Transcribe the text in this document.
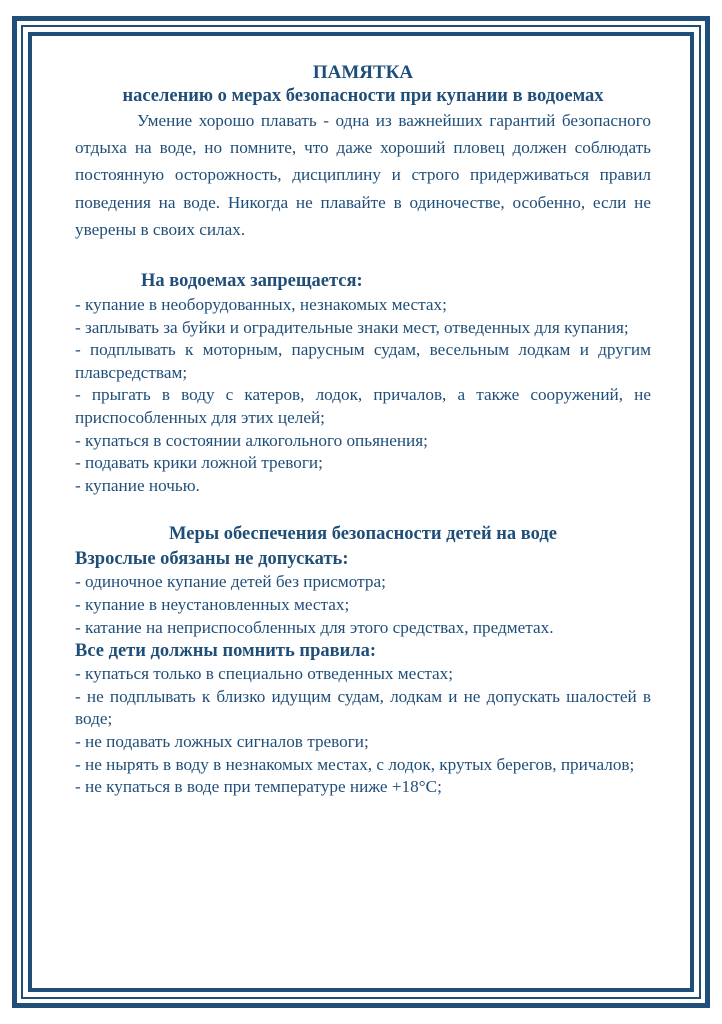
ПАМЯТКА
населению о мерах безопасности при купании в водоемах

Умение хорошо плавать - одна из важнейших гарантий безопасного отдыха на воде, но помните, что даже хороший пловец должен соблюдать постоянную осторожность, дисциплину и строго придерживаться правил поведения на воде. Никогда не плавайте в одиночестве, особенно, если не уверены в своих силах.

На водоемах запрещается:
- купание в необорудованных, незнакомых местах;
- заплывать за буйки и оградительные знаки мест, отведенных для купания;
- подплывать к моторным, парусным судам, весельным лодкам и другим плавсредствам;
- прыгать в воду с катеров, лодок, причалов, а также сооружений, не приспособленных для этих целей;
- купаться в состоянии алкогольного опьянения;
- подавать крики ложной тревоги;
- купание ночью.
Меры обеспечения безопасности детей на воде
Взрослые обязаны не допускать:
- одиночное купание детей без присмотра;
- купание в неустановленных местах;
- катание на неприспособленных для этого средствах, предметах.
Все дети должны помнить правила:
- купаться только в специально отведенных местах;
- не подплывать к близко идущим судам, лодкам и не допускать шалостей в воде;
- не подавать ложных сигналов тревоги;
- не нырять в воду в незнакомых местах, с лодок, крутых берегов, причалов;
- не купаться в воде при температуре ниже +18°С;
